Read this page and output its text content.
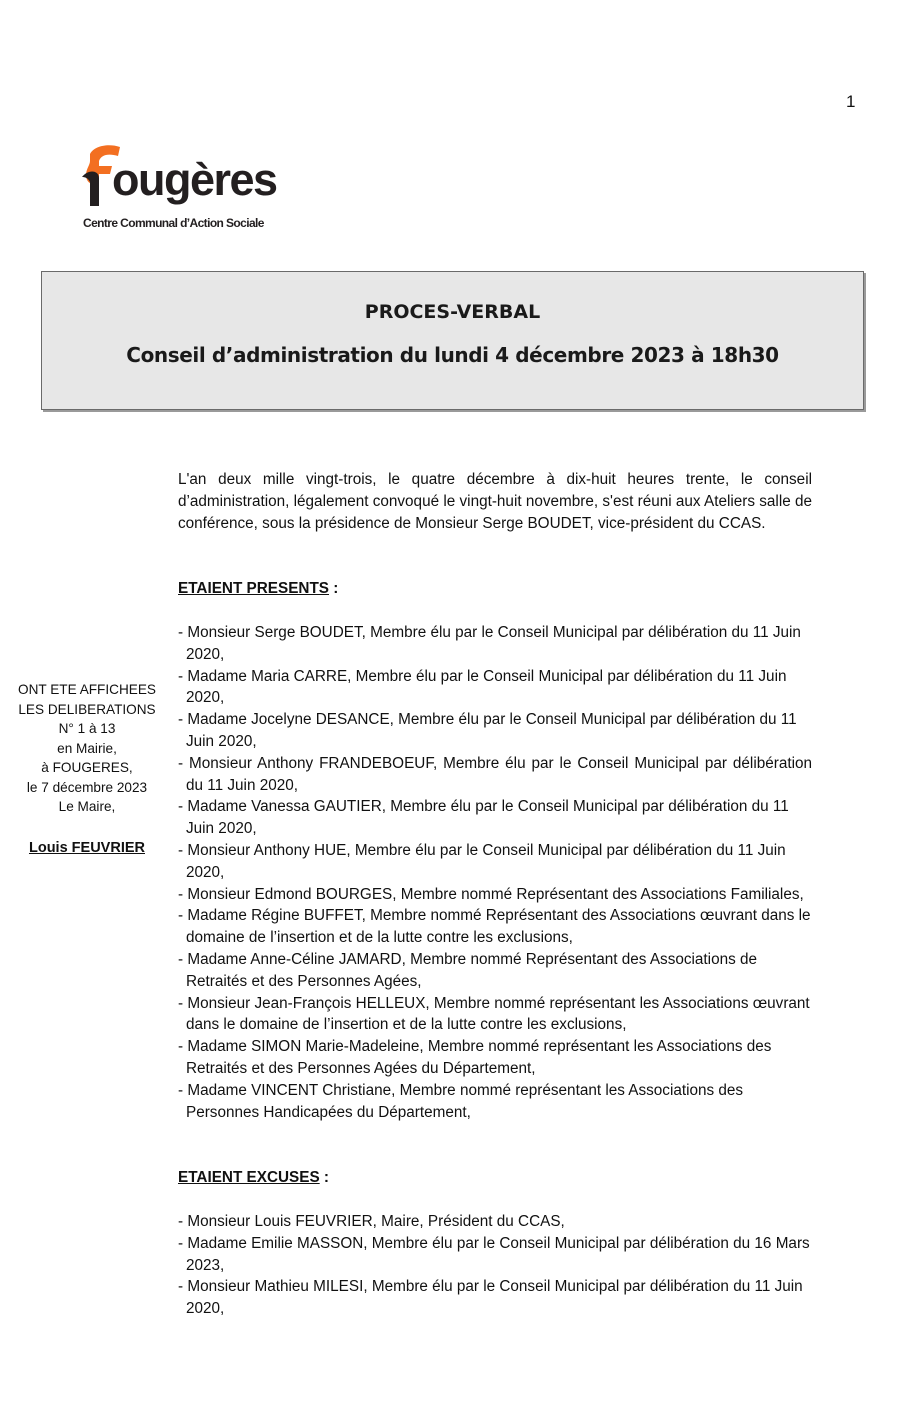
1
ougères
Centre Communal d’Action Sociale
PROCES-VERBAL
Conseil d’administration du lundi 4 décembre 2023 à 18h30
L'an deux mille vingt-trois, le quatre décembre à dix-huit heures trente, le conseil d’administration, légalement convoqué le vingt-huit novembre, s'est réuni aux Ateliers salle de conférence, sous la présidence de Monsieur Serge BOUDET, vice-président du CCAS.
ETAIENT PRESENTS :

- Monsieur Serge BOUDET, Membre élu par le Conseil Municipal par délibération du 11 Juin 2020,

- Madame Maria CARRE, Membre élu par le Conseil Municipal par délibération du 11 Juin 2020,

- Madame Jocelyne DESANCE, Membre élu par le Conseil Municipal par délibération du 11 Juin 2020,

- Monsieur Anthony FRANDEBOEUF, Membre élu par le Conseil Municipal par délibération du 11 Juin 2020,

- Madame Vanessa GAUTIER, Membre élu par le Conseil Municipal par délibération du 11 Juin 2020,

- Monsieur Anthony HUE, Membre élu par le Conseil Municipal par délibération du 11 Juin 2020,

- Monsieur Edmond BOURGES, Membre nommé Représentant des Associations Familiales,

- Madame Régine BUFFET, Membre nommé Représentant des Associations œuvrant dans le domaine de l’insertion et de la lutte contre les exclusions,

- Madame Anne-Céline JAMARD, Membre nommé Représentant des Associations de Retraités et des Personnes Agées,

- Monsieur Jean-François HELLEUX, Membre nommé représentant les Associations œuvrant dans le domaine de l’insertion et de la lutte contre les exclusions,

- Madame SIMON Marie-Madeleine, Membre nommé représentant les Associations des Retraités et des Personnes Agées du Département,

- Madame VINCENT Christiane, Membre nommé représentant les Associations des Personnes Handicapées du Département,

ETAIENT EXCUSES :

- Monsieur Louis FEUVRIER, Maire, Président du CCAS,

- Madame Emilie MASSON, Membre élu par le Conseil Municipal par délibération du 16 Mars 2023,

- Monsieur Mathieu MILESI, Membre élu par le Conseil Municipal par délibération du 11 Juin 2020,

ONT ETE AFFICHEES
LES DELIBERATIONS
N° 1 à 13
en Mairie,
à FOUGERES,
le 7 décembre 2023
Le Maire,
Louis FEUVRIER
